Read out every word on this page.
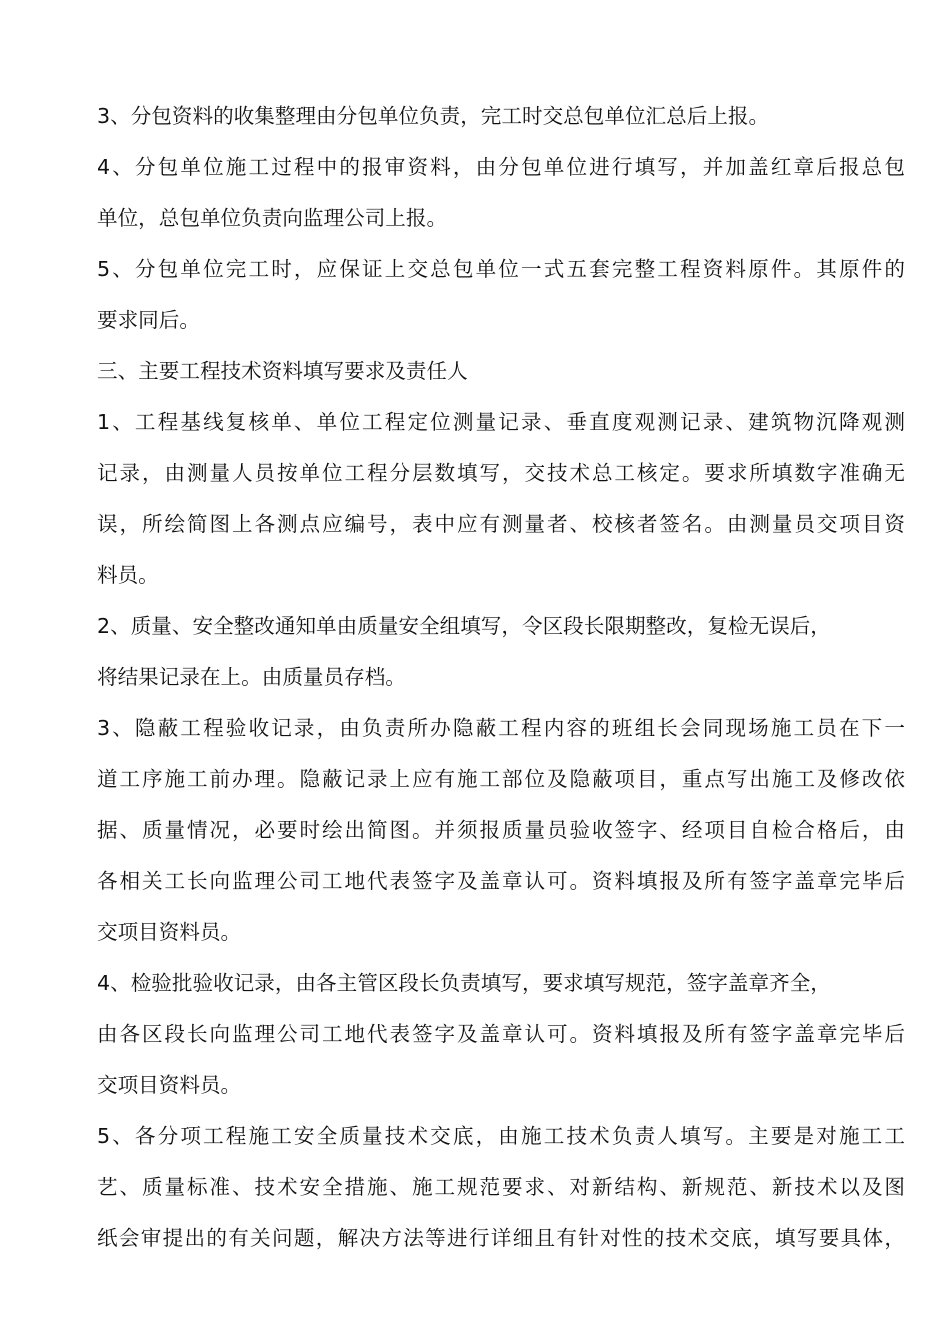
3、分包资料的收集整理由分包单位负责，完工时交总包单位汇总后上报。
4、分包单位施工过程中的报审资料，由分包单位进行填写，并加盖红章后报总包
单位，总包单位负责向监理公司上报。
5、分包单位完工时，应保证上交总包单位一式五套完整工程资料原件。其原件的
要求同后。
三、主要工程技术资料填写要求及责任人
1、工程基线复核单、单位工程定位测量记录、垂直度观测记录、建筑物沉降观测
记录，由测量人员按单位工程分层数填写，交技术总工核定。要求所填数字准确无
误，所绘简图上各测点应编号，表中应有测量者、校核者签名。由测量员交项目资
料员。
2、质量、安全整改通知单由质量安全组填写，令区段长限期整改，复检无误后，
将结果记录在上。由质量员存档。
3、隐蔽工程验收记录，由负责所办隐蔽工程内容的班组长会同现场施工员在下一
道工序施工前办理。隐蔽记录上应有施工部位及隐蔽项目，重点写出施工及修改依
据、质量情况，必要时绘出简图。并须报质量员验收签字、经项目自检合格后，由
各相关工长向监理公司工地代表签字及盖章认可。资料填报及所有签字盖章完毕后
交项目资料员。
4、检验批验收记录，由各主管区段长负责填写，要求填写规范，签字盖章齐全，
由各区段长向监理公司工地代表签字及盖章认可。资料填报及所有签字盖章完毕后
交项目资料员。
5、各分项工程施工安全质量技术交底，由施工技术负责人填写。主要是对施工工
艺、质量标准、技术安全措施、施工规范要求、对新结构、新规范、新技术以及图
纸会审提出的有关问题，解决方法等进行详细且有针对性的技术交底，填写要具体，
